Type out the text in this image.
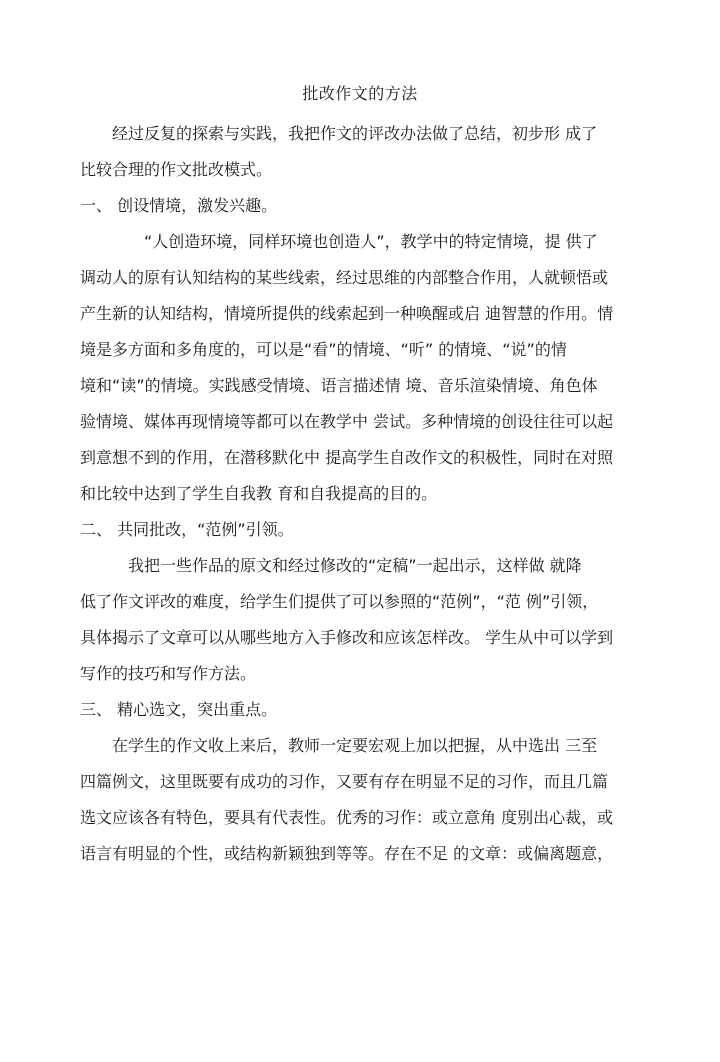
批改作文的方法
　　经过反复的探索与实践，我把作文的评改办法做了总结，初步形 成了
比较合理的作文批改模式。
一、 创设情境，激发兴趣。
　　　　“人创造环境，同样环境也创造人”，教学中的特定情境，提 供了
调动人的原有认知结构的某些线索，经过思维的内部整合作用，人就顿悟或
产生新的认知结构，情境所提供的线索起到一种唤醒或启 迪智慧的作用。情
境是多方面和多角度的，可以是“看”的情境、“听” 的情境、“说”的情
境和“读”的情境。实践感受情境、语言描述情 境、音乐渲染情境、角色体
验情境、媒体再现情境等都可以在教学中 尝试。多种情境的创设往往可以起
到意想不到的作用，在潜移默化中 提高学生自改作文的积极性，同时在对照
和比较中达到了学生自我教 育和自我提高的目的。
二、 共同批改，“范例”引领。
　　　我把一些作品的原文和经过修改的“定稿”一起出示，这样做 就降
低了作文评改的难度，给学生们提供了可以参照的“范例”，“范 例”引领，
具体揭示了文章可以从哪些地方入手修改和应该怎样改。 学生从中可以学到
写作的技巧和写作方法。
三、 精心选文，突出重点。
　　在学生的作文收上来后，教师一定要宏观上加以把握，从中选出 三至
四篇例文，这里既要有成功的习作，又要有存在明显不足的习作，而且几篇
选文应该各有特色，要具有代表性。优秀的习作：或立意角 度别出心裁，或
语言有明显的个性，或结构新颖独到等等。存在不足 的文章：或偏离题意，
